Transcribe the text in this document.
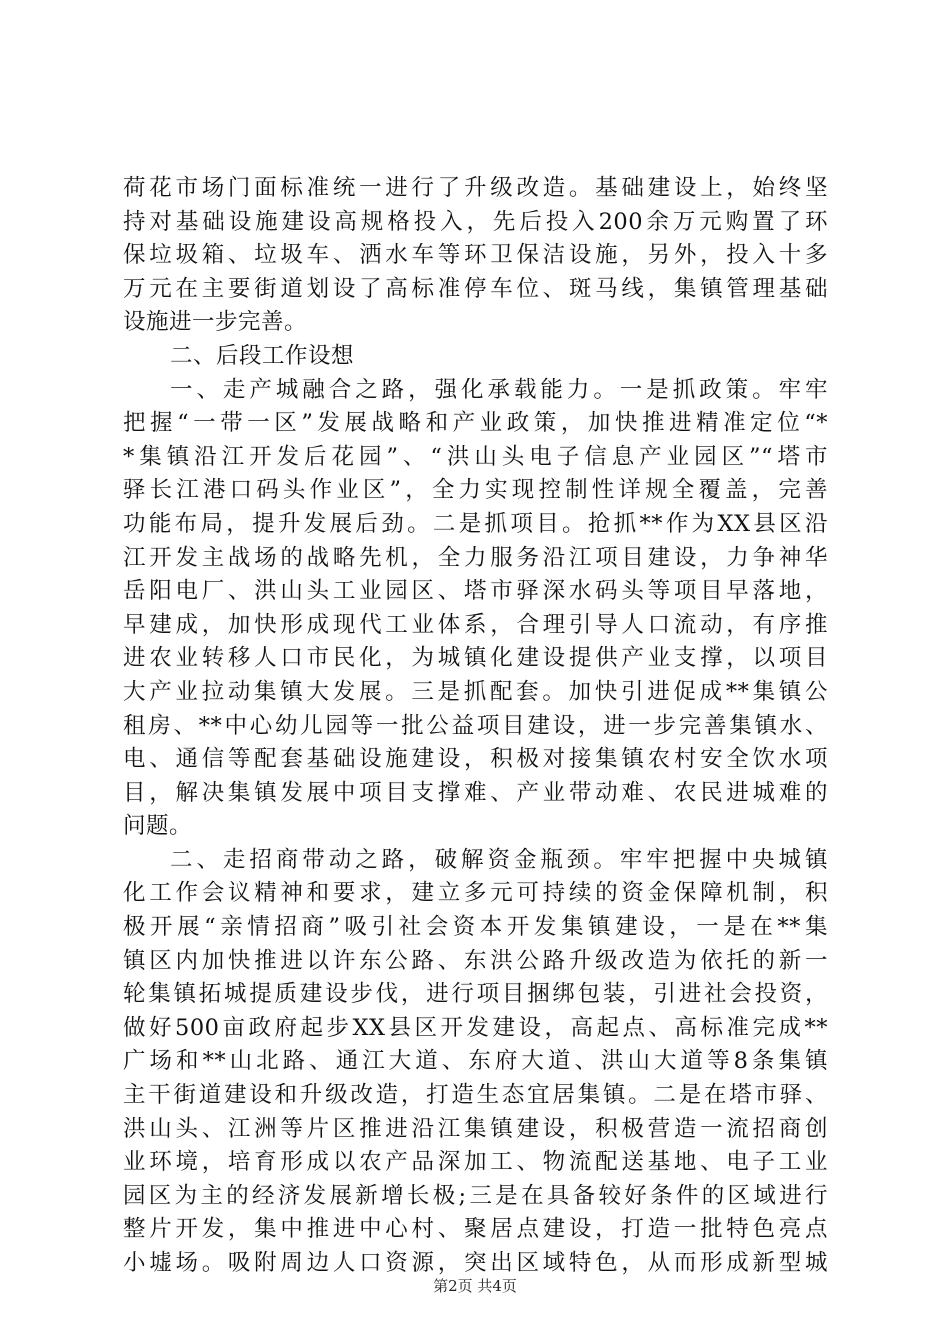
荷花市场门面标准统一进行了升级改造。基础建设上，始终坚
持对基础设施建设高规格投入，先后投入200余万元购置了环
保垃圾箱、垃圾车、洒水车等环卫保洁设施，另外，投入十多
万元在主要街道划设了高标准停车位、斑马线，集镇管理基础
设施进一步完善。
二、后段工作设想
一、走产城融合之路，强化承载能力。一是抓政策。牢牢
把握“一带一区”发展战略和产业政策，加快推进精准定位“*
*集镇沿江开发后花园”、“洪山头电子信息产业园区”“塔市
驿长江港口码头作业区”，全力实现控制性详规全覆盖，完善
功能布局，提升发展后劲。二是抓项目。抢抓**作为XX县区沿
江开发主战场的战略先机，全力服务沿江项目建设，力争神华
岳阳电厂、洪山头工业园区、塔市驿深水码头等项目早落地，
早建成，加快形成现代工业体系，合理引导人口流动，有序推
进农业转移人口市民化，为城镇化建设提供产业支撑，以项目
大产业拉动集镇大发展。三是抓配套。加快引进促成**集镇公
租房、**中心幼儿园等一批公益项目建设，进一步完善集镇水、
电、通信等配套基础设施建设，积极对接集镇农村安全饮水项
目，解决集镇发展中项目支撑难、产业带动难、农民进城难的
问题。
二、走招商带动之路，破解资金瓶颈。牢牢把握中央城镇
化工作会议精神和要求，建立多元可持续的资金保障机制，积
极开展“亲情招商”吸引社会资本开发集镇建设，一是在**集
镇区内加快推进以许东公路、东洪公路升级改造为依托的新一
轮集镇拓城提质建设步伐，进行项目捆绑包装，引进社会投资，
做好500亩政府起步XX县区开发建设，高起点、高标准完成**
广场和**山北路、通江大道、东府大道、洪山大道等8条集镇
主干街道建设和升级改造，打造生态宜居集镇。二是在塔市驿、
洪山头、江洲等片区推进沿江集镇建设，积极营造一流招商创
业环境，培育形成以农产品深加工、物流配送基地、电子工业
园区为主的经济发展新增长极;三是在具备较好条件的区域进行
整片开发，集中推进中心村、聚居点建设，打造一批特色亮点
小墟场。吸附周边人口资源，突出区域特色，从而形成新型城
第2页 共4页
